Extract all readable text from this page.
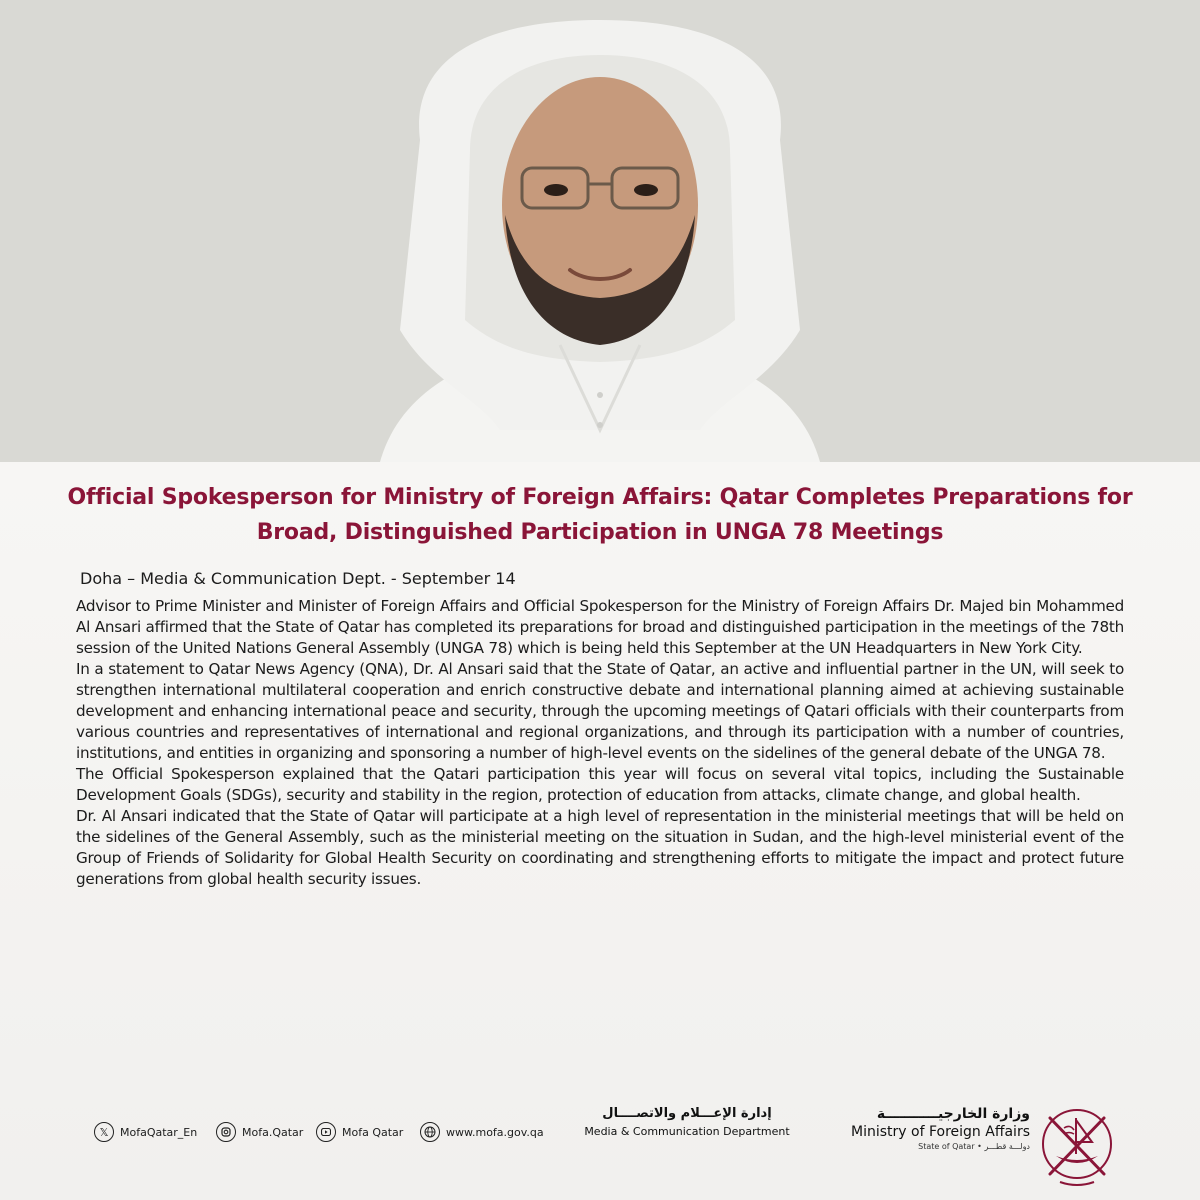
Official Spokesperson for Ministry of Foreign Affairs: Qatar Completes Preparations for Broad, Distinguished Participation in UNGA 78 Meetings

Doha – Media & Communication Dept. - September 14

Advisor to Prime Minister and Minister of Foreign Affairs and Official Spokesperson for the Ministry of Foreign Affairs Dr. Majed bin Mohammed Al Ansari affirmed that the State of Qatar has completed its preparations for broad and distinguished participation in the meetings of the 78th session of the United Nations General Assembly (UNGA 78) which is being held this September at the UN Headquarters in New York City.

In a statement to Qatar News Agency (QNA), Dr. Al Ansari said that the State of Qatar, an active and influential partner in the UN, will seek to strengthen international multilateral cooperation and enrich constructive debate and international planning aimed at achieving sustainable development and enhancing international peace and security, through the upcoming meetings of Qatari officials with their counterparts from various countries and representatives of international and regional organizations, and through its participation with a number of countries, institutions, and entities in organizing and sponsoring a number of high-level events on the sidelines of the general debate of the UNGA 78.

The Official Spokesperson explained that the Qatari participation this year will focus on several vital topics, including the Sustainable Development Goals (SDGs), security and stability in the region, protection of education from attacks, climate change, and global health.

Dr. Al Ansari indicated that the State of Qatar will participate at a high level of representation in the ministerial meetings that will be held on the sidelines of the General Assembly, such as the ministerial meeting on the situation in Sudan, and the high-level ministerial event of the Group of Friends of Solidarity for Global Health Security on coordinating and strengthening efforts to mitigate the impact and protect future generations from global health security issues.

𝕏	MofaQatar_En	Mofa.Qatar	Mofa Qatar	www.mofa.gov.qa
إدارة الإعـــلام والاتصــــال
Media & Communication Department
وزارة الخارجيـــــــــــة
Ministry of Foreign Affairs
State of Qatar • دولـــة قطـــر
